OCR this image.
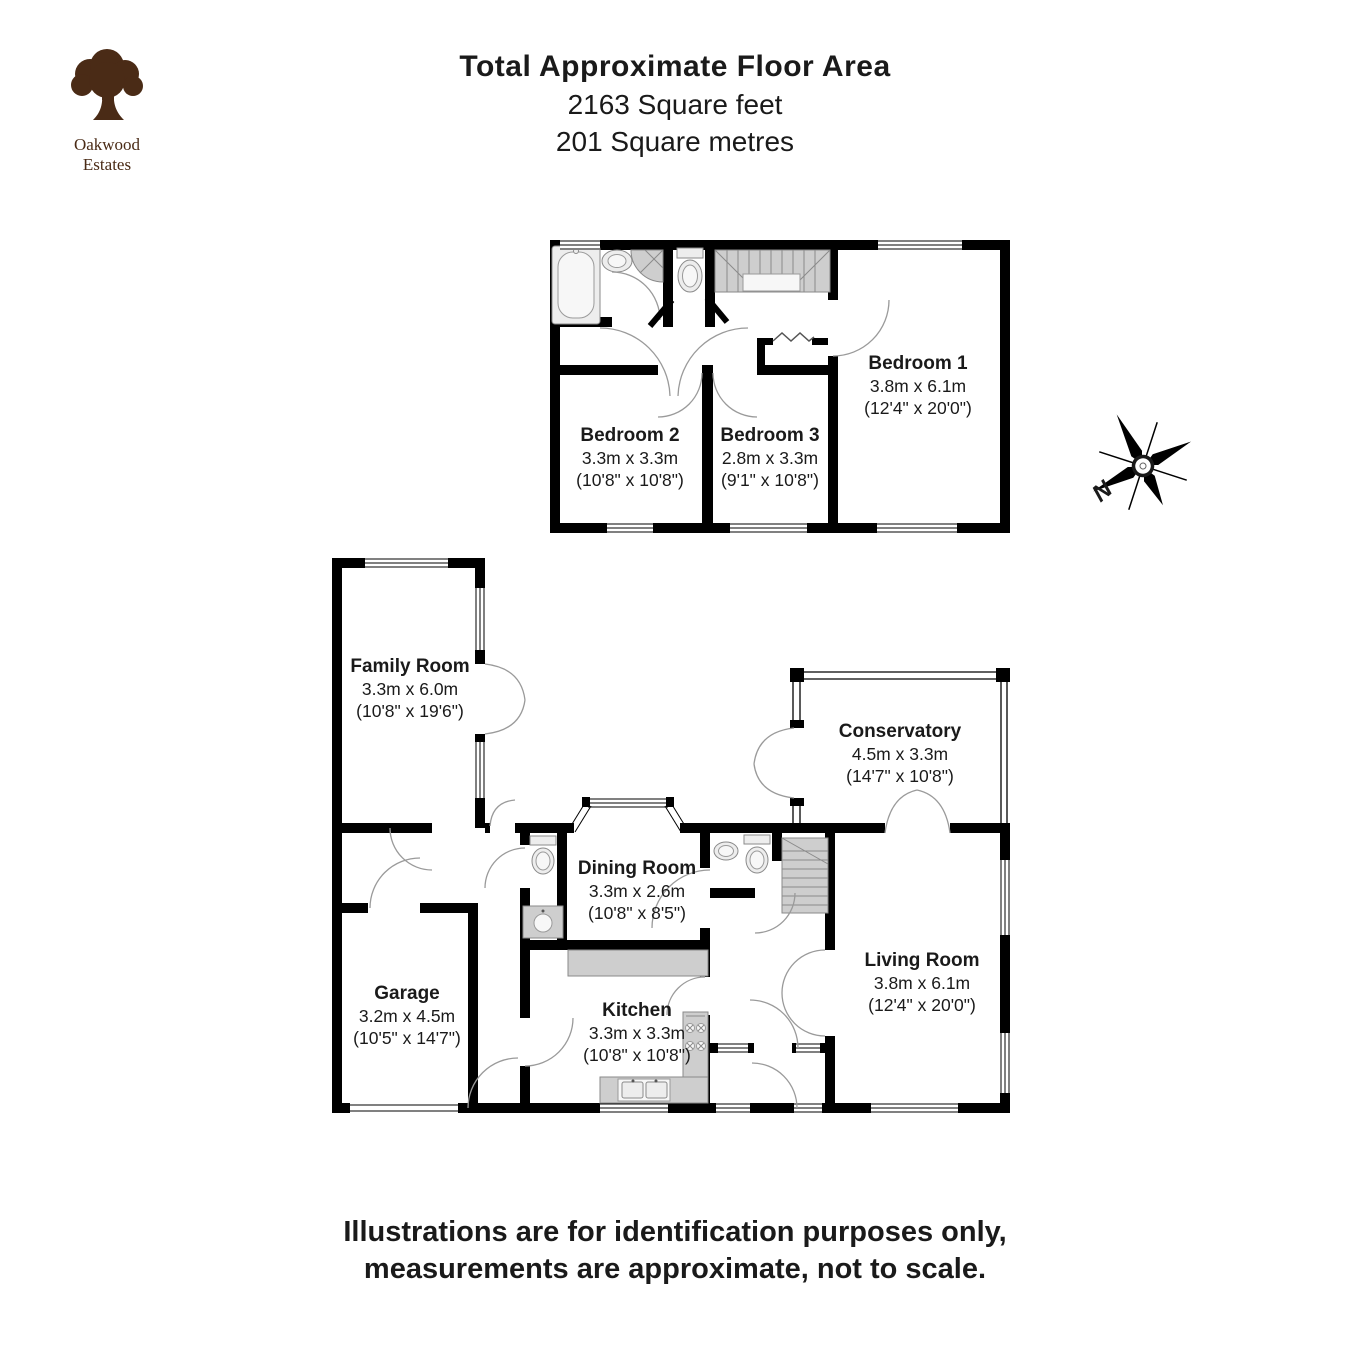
Oakwood
Estates
Total Approximate Floor Area
2163 Square feet
201 Square metres
Bedroom 1
3.8m x 6.1m
(12'4" x 20'0")
Bedroom 2
3.3m x 3.3m
(10'8" x 10'8")
Bedroom 3
2.8m x 3.3m
(9'1" x 10'8")
Family Room
3.3m x 6.0m
(10'8" x 19'6")
Conservatory
4.5m x 3.3m
(14'7" x 10'8")
Dining Room
3.3m x 2.6m
(10'8" x 8'5")
Kitchen
3.3m x 3.3m
(10'8" x 10'8")
Garage
3.2m x 4.5m
(10'5" x 14'7")
Living Room
3.8m x 6.1m
(12'4" x 20'0")
N
Illustrations are for identification purposes only,
measurements are approximate, not to scale.
